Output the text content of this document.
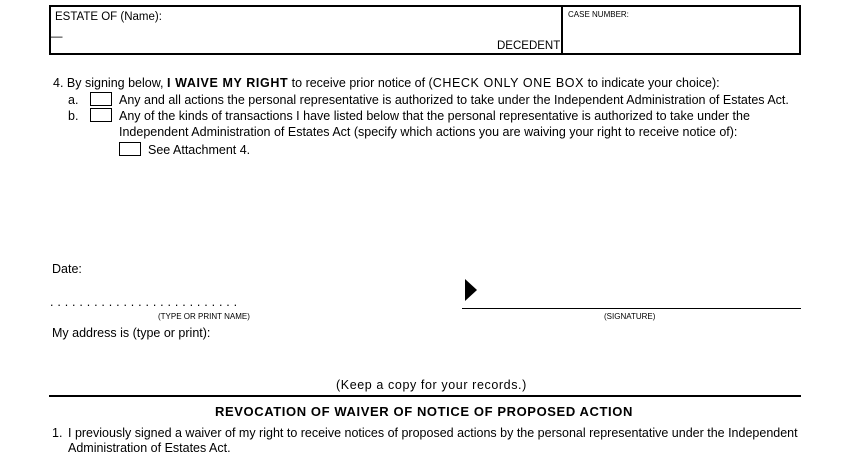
ESTATE OF (Name):
—
DECEDENT
CASE NUMBER:
4. By signing below, I WAIVE MY RIGHT to receive prior notice of (CHECK ONLY ONE BOX to indicate your choice):
a.	Any and all actions the personal representative is authorized to take under the Independent Administration of Estates Act.
b.	Any of the kinds of transactions I have listed below that the personal representative is authorized to take under the
Independent Administration of Estates Act (specify which actions you are waiving your right to receive notice of):
See Attachment 4.
Date:
. . . . . . . . . . . . . . . . . . . . . . . . . .
(TYPE OR PRINT NAME)	(SIGNATURE)
My address is (type or print):
(Keep a copy for your records.)
REVOCATION OF WAIVER OF NOTICE OF PROPOSED ACTION
1. I previously signed a waiver of my right to receive notices of proposed actions by the personal representative under the Independent
Administration of Estates Act.
